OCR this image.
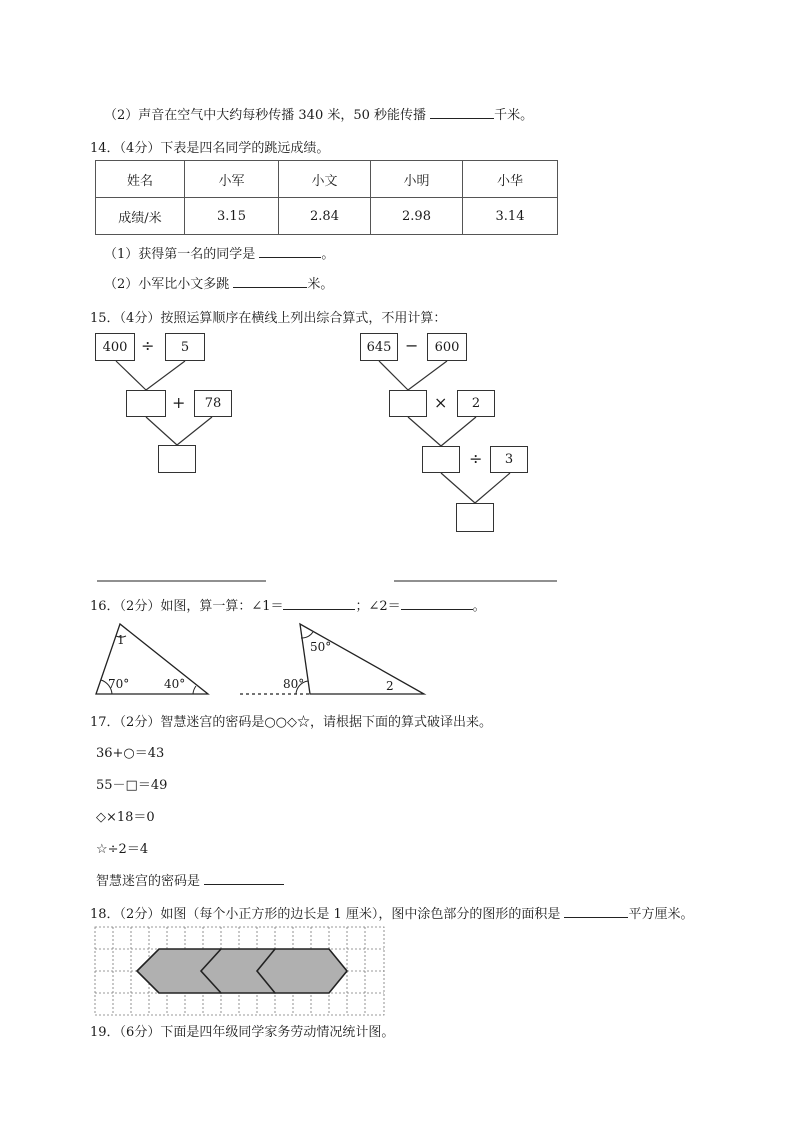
（2）声音在空气中大约每秒传播 340 米，50 秒能传播	千米。
14．（4分）下表是四名同学的跳远成绩。
姓名	小军	小文	小明	小华
成绩/米	3.15	2.84	2.98	3.14
（1）获得第一名的同学是	。
（2）小军比小文多跳	米。
15．（4分）按照运算顺序在横线上列出综合算式，不用计算：
400 ÷	5
+	78
645 −	600
×	2
÷	3
16．（2分）如图，算一算：∠1＝	；∠2＝	。
1
70°	40°
50°
80°	2
17．（2分）智慧迷宫的密码是○○◇☆，请根据下面的算式破译出来。
36+○＝43
55－□＝49
◇×18＝0
☆÷2＝4
智慧迷宫的密码是
18．（2分）如图（每个小正方形的边长是 1 厘米），图中涂色部分的图形的面积是	平方厘米。
19．（6分）下面是四年级同学家务劳动情况统计图。
